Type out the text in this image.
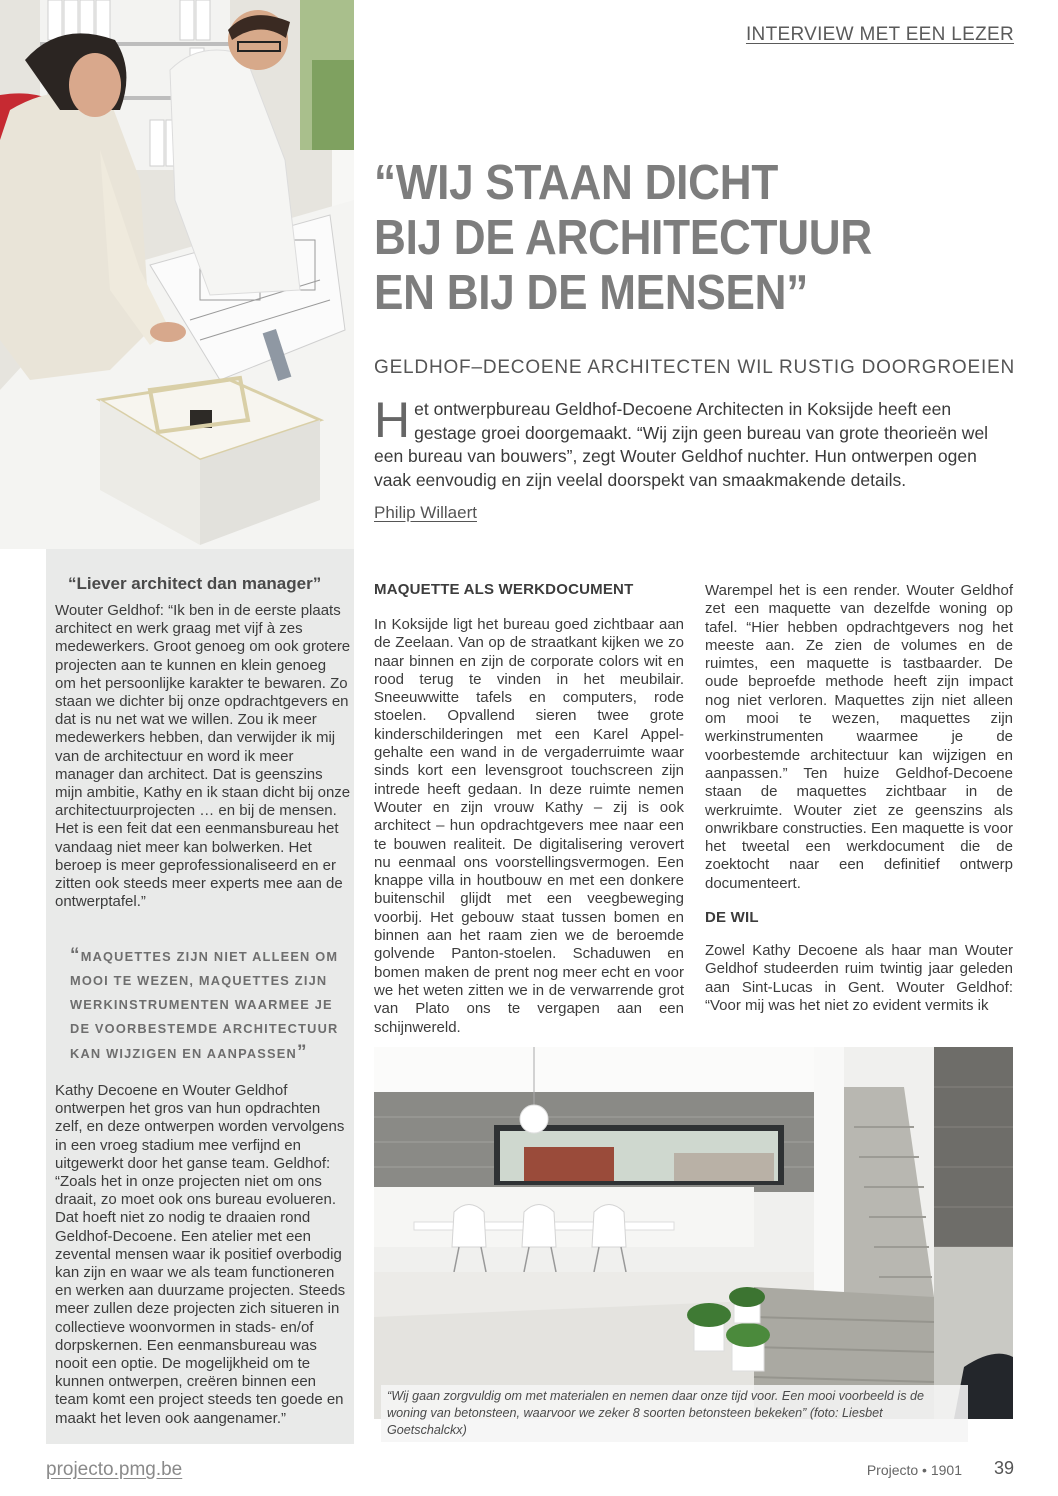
INTERVIEW MET EEN LEZER
“WIJ STAAN DICHT
BIJ DE ARCHITECTUUR
EN BIJ DE MENSEN”
GELDHOF–DECOENE ARCHITECTEN WIL RUSTIG DOORGROEIEN

Het ontwerpbureau Geldhof-Decoene Architecten in Koksijde heeft een gestage groei doorgemaakt. “Wij zijn geen bureau van grote theorieën wel een bureau van bouwers”, zegt Wouter Geldhof nuchter. Hun ontwerpen ogen vaak eenvoudig en zijn veelal doorspekt van smaakmakende details.

Philip Willaert
“Liever architect dan manager”

Wouter Geldhof: “Ik ben in de eerste plaats architect en werk graag met vijf à zes medewerkers. Groot genoeg om ook grotere projecten aan te kunnen en klein genoeg om het persoonlijke karakter te bewaren. Zo staan we dichter bij onze opdrachtgevers en dat is nu net wat we willen. Zou ik meer medewerkers hebben, dan verwijder ik mij van de architectuur en word ik meer manager dan architect. Dat is geenszins mijn ambitie, Kathy en ik staan dicht bij onze architectuurprojecten … en bij de mensen. Het is een feit dat een eenmansbureau het vandaag niet meer kan bolwerken. Het beroep is meer geprofessionaliseerd en er zitten ook steeds meer experts mee aan de ontwerptafel.”

“MAQUETTES ZIJN NIET ALLEEN OM MOOI TE WEZEN, MAQUETTES ZIJN WERKINSTRUMENTEN WAARMEE JE DE VOORBESTEMDE ARCHITECTUUR KAN WIJZIGEN EN AANPASSEN”

Kathy Decoene en Wouter Geldhof ontwerpen het gros van hun opdrachten zelf, en deze ontwerpen worden vervolgens in een vroeg stadium mee verfijnd en uitgewerkt door het ganse team. Geldhof: “Zoals het in onze projecten niet om ons draait, zo moet ook ons bureau evolueren. Dat hoeft niet zo nodig te draaien rond Geldhof-Decoene. Een atelier met een zevental mensen waar ik positief overbodig kan zijn en waar we als team functioneren en werken aan duurzame projecten. Steeds meer zullen deze projecten zich situeren in collectieve woonvormen in stads- en/of dorpskernen. Een eenmansbureau was nooit een optie. De mogelijkheid om te kunnen ontwerpen, creëren binnen een team komt een project steeds ten goede en maakt het leven ook aangenamer.”

MAQUETTE ALS WERKDOCUMENT

In Koksijde ligt het bureau goed zichtbaar aan de Zeelaan. Van op de straatkant kijken we zo naar binnen en zijn de corporate colors wit en rood terug te vinden in het meubilair. Sneeuwwitte tafels en computers, rode stoelen. Opvallend sieren twee grote kinderschilderingen met een Karel Appel-gehalte een wand in de vergaderruimte waar sinds kort een levensgroot touchscreen zijn intrede heeft gedaan. In deze ruimte nemen Wouter en zijn vrouw Kathy – zij is ook architect – hun opdrachtgevers mee naar een te bouwen realiteit. De digitalisering verovert nu eenmaal ons voorstellingsvermogen. Een knappe villa in houtbouw en met een donkere buitenschil glijdt met een veegbeweging voorbij. Het gebouw staat tussen bomen en binnen aan het raam zien we de beroemde golvende Panton-stoelen. Schaduwen en bomen maken de prent nog meer echt en voor we het weten zitten we in de verwarrende grot van Plato ons te vergapen aan een schijnwereld.

Warempel het is een render. Wouter Geldhof zet een maquette van dezelfde woning op tafel. “Hier hebben opdrachtgevers nog het meeste aan. Ze zien de volumes en de ruimtes, een maquette is tastbaarder. De oude beproefde methode heeft zijn impact nog niet verloren. Maquettes zijn niet alleen om mooi te wezen, maquettes zijn werkinstrumenten waarmee je de voorbestemde architectuur kan wijzigen en aanpassen.” Ten huize Geldhof-Decoene staan de maquettes zichtbaar in de werkruimte. Wouter ziet ze geenszins als onwrikbare constructies. Een maquette is voor het tweetal een werkdocument die de zoektocht naar een definitief ontwerp documenteert.

DE WIL

Zowel Kathy Decoene als haar man Wouter Geldhof studeerden ruim twintig jaar geleden aan Sint-Lucas in Gent. Wouter Geldhof: “Voor mij was het niet zo evident vermits ik

“Wij gaan zorgvuldig om met materialen en nemen daar onze tijd voor. Een mooi voorbeeld is de woning van betonsteen, waarvoor we zeker 8 soorten betonsteen bekeken” (foto: Liesbet Goetschalckx)

projecto.pmg.be	Projecto • 1901	39
